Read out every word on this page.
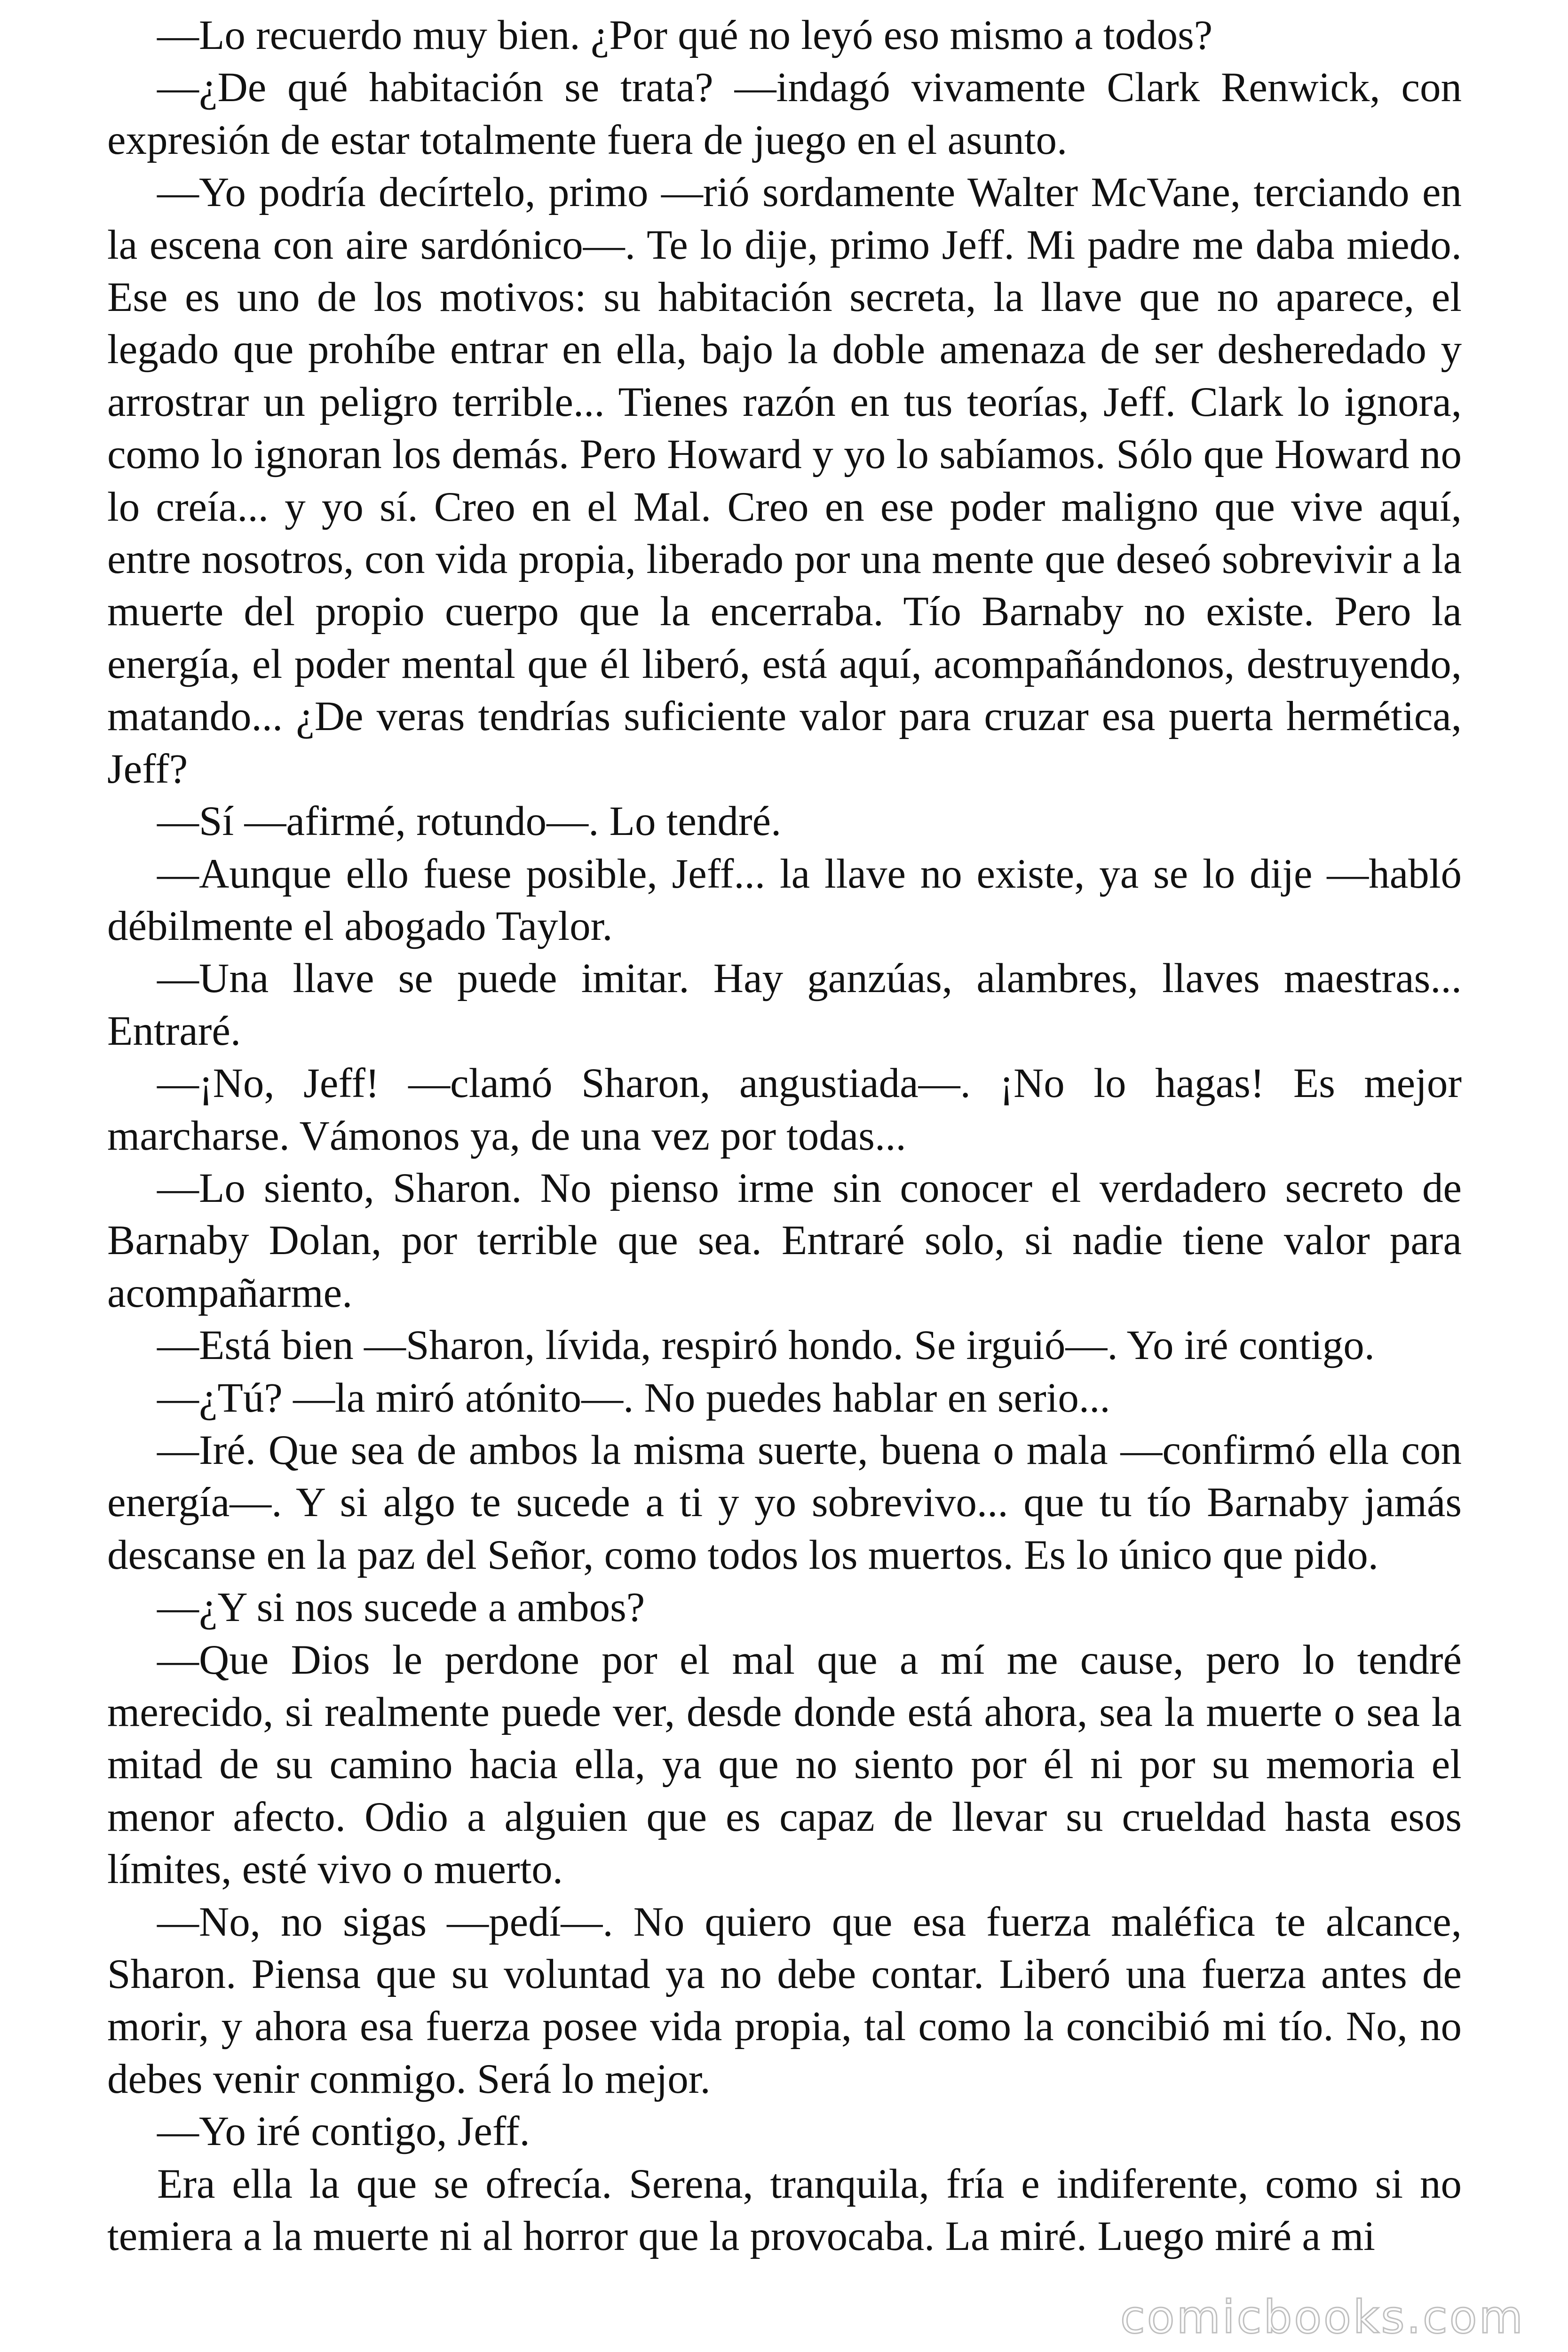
—Lo recuerdo muy bien. ¿Por qué no leyó eso mismo a todos?

—¿De qué habitación se trata? —indagó vivamente Clark Renwick, con expresión de estar totalmente fuera de juego en el asunto.

—Yo podría decírtelo, primo —rió sordamente Walter McVane, terciando en la escena con aire sardónico—. Te lo dije, primo Jeff. Mi padre me daba miedo. Ese es uno de los motivos: su habitación secreta, la llave que no aparece, el legado que prohíbe entrar en ella, bajo la doble amenaza de ser desheredado y arrostrar un peligro terrible... Tienes razón en tus teorías, Jeff. Clark lo ignora, como lo ignoran los demás. Pero Howard y yo lo sabíamos. Sólo que Howard no lo creía... y yo sí. Creo en el Mal. Creo en ese poder maligno que vive aquí, entre nosotros, con vida propia, liberado por una mente que deseó sobrevivir a la muerte del propio cuerpo que la encerraba. Tío Barnaby no existe. Pero la energía, el poder mental que él liberó, está aquí, acompañándonos, destruyendo, matando... ¿De veras tendrías suficiente valor para cruzar esa puerta hermética, Jeff?

—Sí —afirmé, rotundo—. Lo tendré.

—Aunque ello fuese posible, Jeff... la llave no existe, ya se lo dije —habló débilmente el abogado Taylor.

—Una llave se puede imitar. Hay ganzúas, alambres, llaves maestras... Entraré.

—¡No, Jeff! —clamó Sharon, angustiada—. ¡No lo hagas! Es mejor marcharse. Vámonos ya, de una vez por todas...

—Lo siento, Sharon. No pienso irme sin conocer el verdadero secreto de Barnaby Dolan, por terrible que sea. Entraré solo, si nadie tiene valor para acompañarme.

—Está bien —Sharon, lívida, respiró hondo. Se irguió—. Yo iré contigo.

—¿Tú? —la miró atónito—. No puedes hablar en serio...

—Iré. Que sea de ambos la misma suerte, buena o mala —confirmó ella con energía—. Y si algo te sucede a ti y yo sobrevivo... que tu tío Barnaby jamás descanse en la paz del Señor, como todos los muertos. Es lo único que pido.

—¿Y si nos sucede a ambos?

—Que Dios le perdone por el mal que a mí me cause, pero lo tendré merecido, si realmente puede ver, desde donde está ahora, sea la muerte o sea la mitad de su camino hacia ella, ya que no siento por él ni por su memoria el menor afecto. Odio a alguien que es capaz de llevar su crueldad hasta esos límites, esté vivo o muerto.

—No, no sigas —pedí—. No quiero que esa fuerza maléfica te alcance, Sharon. Piensa que su voluntad ya no debe contar. Liberó una fuerza antes de morir, y ahora esa fuerza posee vida propia, tal como la concibió mi tío. No, no debes venir conmigo. Será lo mejor.

—Yo iré contigo, Jeff.

Era ella la que se ofrecía. Serena, tranquila, fría e indiferente, como si no temiera a la muerte ni al horror que la provocaba. La miré. Luego miré a mi

comicbooks.com
